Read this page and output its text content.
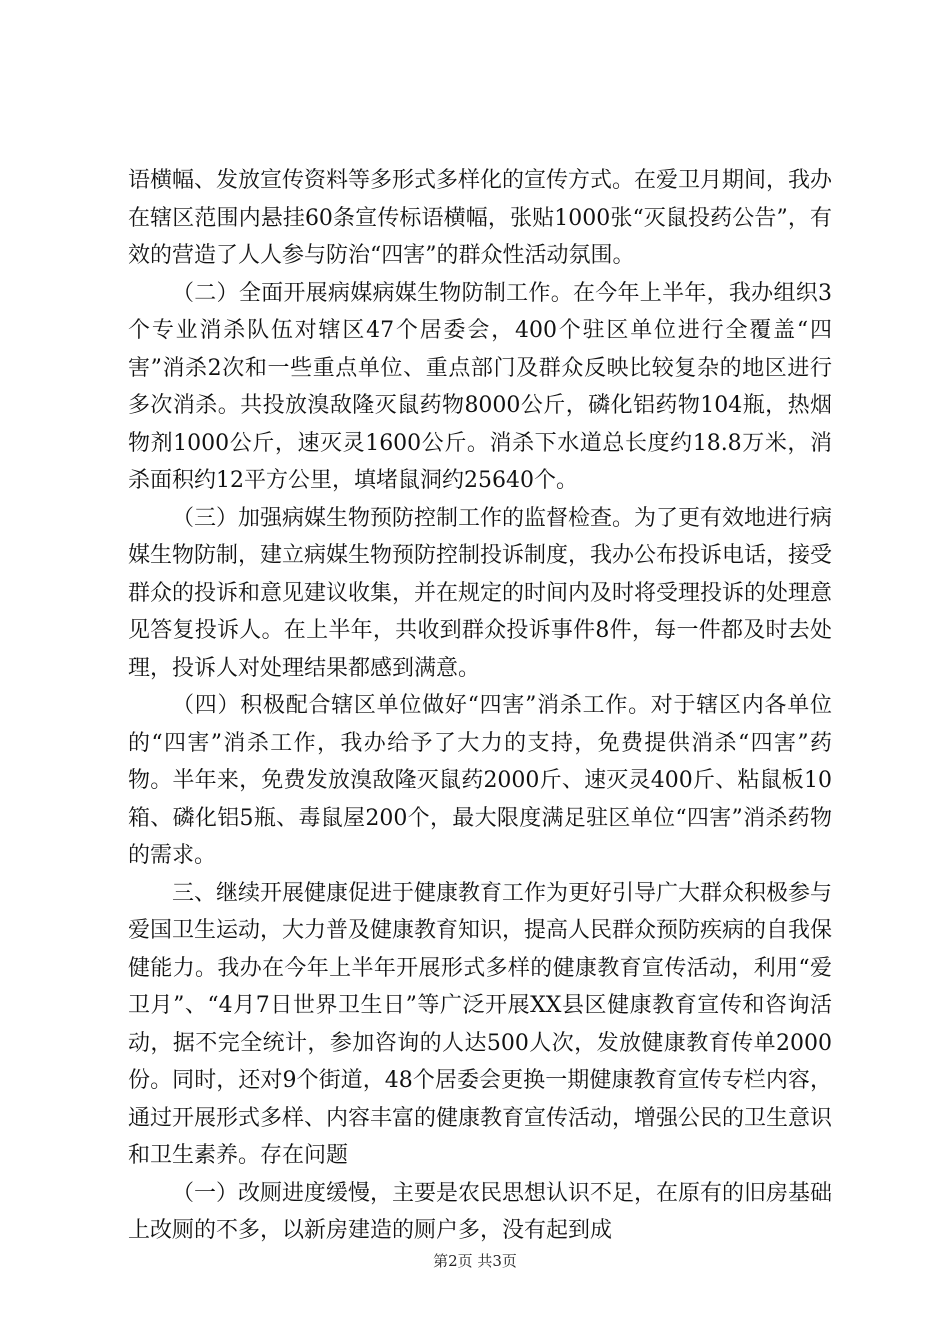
语横幅、发放宣传资料等多形式多样化的宣传方式。在爱卫月期间，我办在辖区范围内悬挂60条宣传标语横幅，张贴1000张“灭鼠投药公告”，有效的营造了人人参与防治“四害”的群众性活动氛围。

（二）全面开展病媒病媒生物防制工作。在今年上半年，我办组织3个专业消杀队伍对辖区47个居委会，400个驻区单位进行全覆盖“四害”消杀2次和一些重点单位、重点部门及群众反映比较复杂的地区进行多次消杀。共投放溴敌隆灭鼠药物8000公斤，磷化铝药物104瓶，热烟物剂1000公斤，速灭灵1600公斤。消杀下水道总长度约18.8万米，消杀面积约12平方公里，填堵鼠洞约25640个。

（三）加强病媒生物预防控制工作的监督检查。为了更有效地进行病媒生物防制，建立病媒生物预防控制投诉制度，我办公布投诉电话，接受群众的投诉和意见建议收集，并在规定的时间内及时将受理投诉的处理意见答复投诉人。在上半年，共收到群众投诉事件8件，每一件都及时去处理，投诉人对处理结果都感到满意。

（四）积极配合辖区单位做好“四害”消杀工作。对于辖区内各单位的“四害”消杀工作，我办给予了大力的支持，免费提供消杀“四害”药物。半年来，免费发放溴敌隆灭鼠药2000斤、速灭灵400斤、粘鼠板10箱、磷化铝5瓶、毒鼠屋200个，最大限度满足驻区单位“四害”消杀药物的需求。

三、继续开展健康促进于健康教育工作为更好引导广大群众积极参与爱国卫生运动，大力普及健康教育知识，提高人民群众预防疾病的自我保健能力。我办在今年上半年开展形式多样的健康教育宣传活动，利用“爱卫月”、“4月7日世界卫生日”等广泛开展XX县区健康教育宣传和咨询活动，据不完全统计，参加咨询的人达500人次，发放健康教育传单2000份。同时，还对9个街道，48个居委会更换一期健康教育宣传专栏内容，通过开展形式多样、内容丰富的健康教育宣传活动，增强公民的卫生意识和卫生素养。存在问题

（一）改厕进度缓慢，主要是农民思想认识不足，在原有的旧房基础上改厕的不多，以新房建造的厕户多，没有起到成

第2页 共3页
